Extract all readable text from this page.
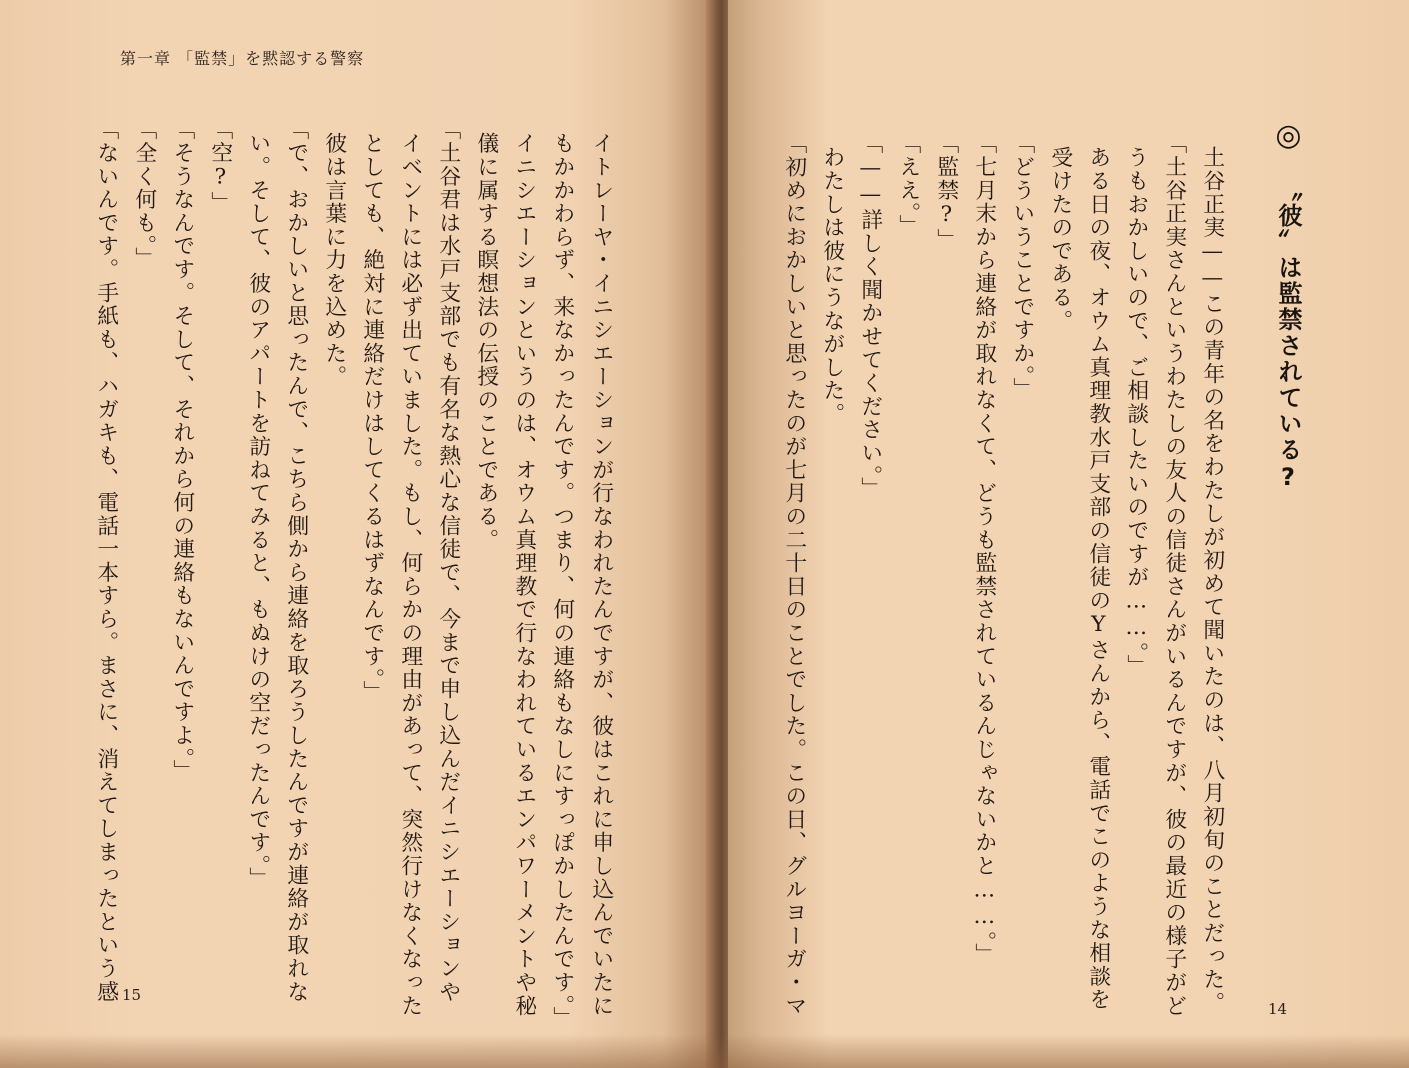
第一章 「監禁」を黙認する警察
イトレーヤ・イニシエーションが行なわれたんですが、彼はこれに申し込んでいたに
もかかわらず、来なかったんです。つまり、何の連絡もなしにすっぽかしたんです。」
イニシエーションというのは、オウム真理教で行なわれているエンパワーメントや秘
儀に属する瞑想法の伝授のことである。
「土谷君は水戸支部でも有名な熱心な信徒で、今まで申し込んだイニシエーションや
イベントには必ず出ていました。もし、何らかの理由があって、突然行けなくなった
としても、絶対に連絡だけはしてくるはずなんです。」
彼は言葉に力を込めた。
「で、おかしいと思ったんで、こちら側から連絡を取ろうしたんですが連絡が取れな
い。そして、彼のアパートを訪ねてみると、もぬけの空だったんです。」
「空?」
「そうなんです。そして、それから何の連絡もないんですよ。」
「全く何も。」
「ないんです。手紙も、ハガキも、電話一本すら。まさに、消えてしまったという感 15
◎〝彼〟は監禁されている?
土谷正実——この青年の名をわたしが初めて聞いたのは、八月初旬のことだった。
「土谷正実さんというわたしの友人の信徒さんがいるんですが、彼の最近の様子がど
うもおかしいので、ご相談したいのですが……。」
ある日の夜、オウム真理教水戸支部の信徒のYさんから、電話でこのような相談を
受けたのである。
「どういうことですか。」
「七月末から連絡が取れなくて、どうも監禁されているんじゃないかと……。」
「監禁?」
「ええ。」
「——詳しく聞かせてください。」
わたしは彼にうながした。
「初めにおかしいと思ったのが七月の二十日のことでした。この日、グルヨーガ・マ	14
